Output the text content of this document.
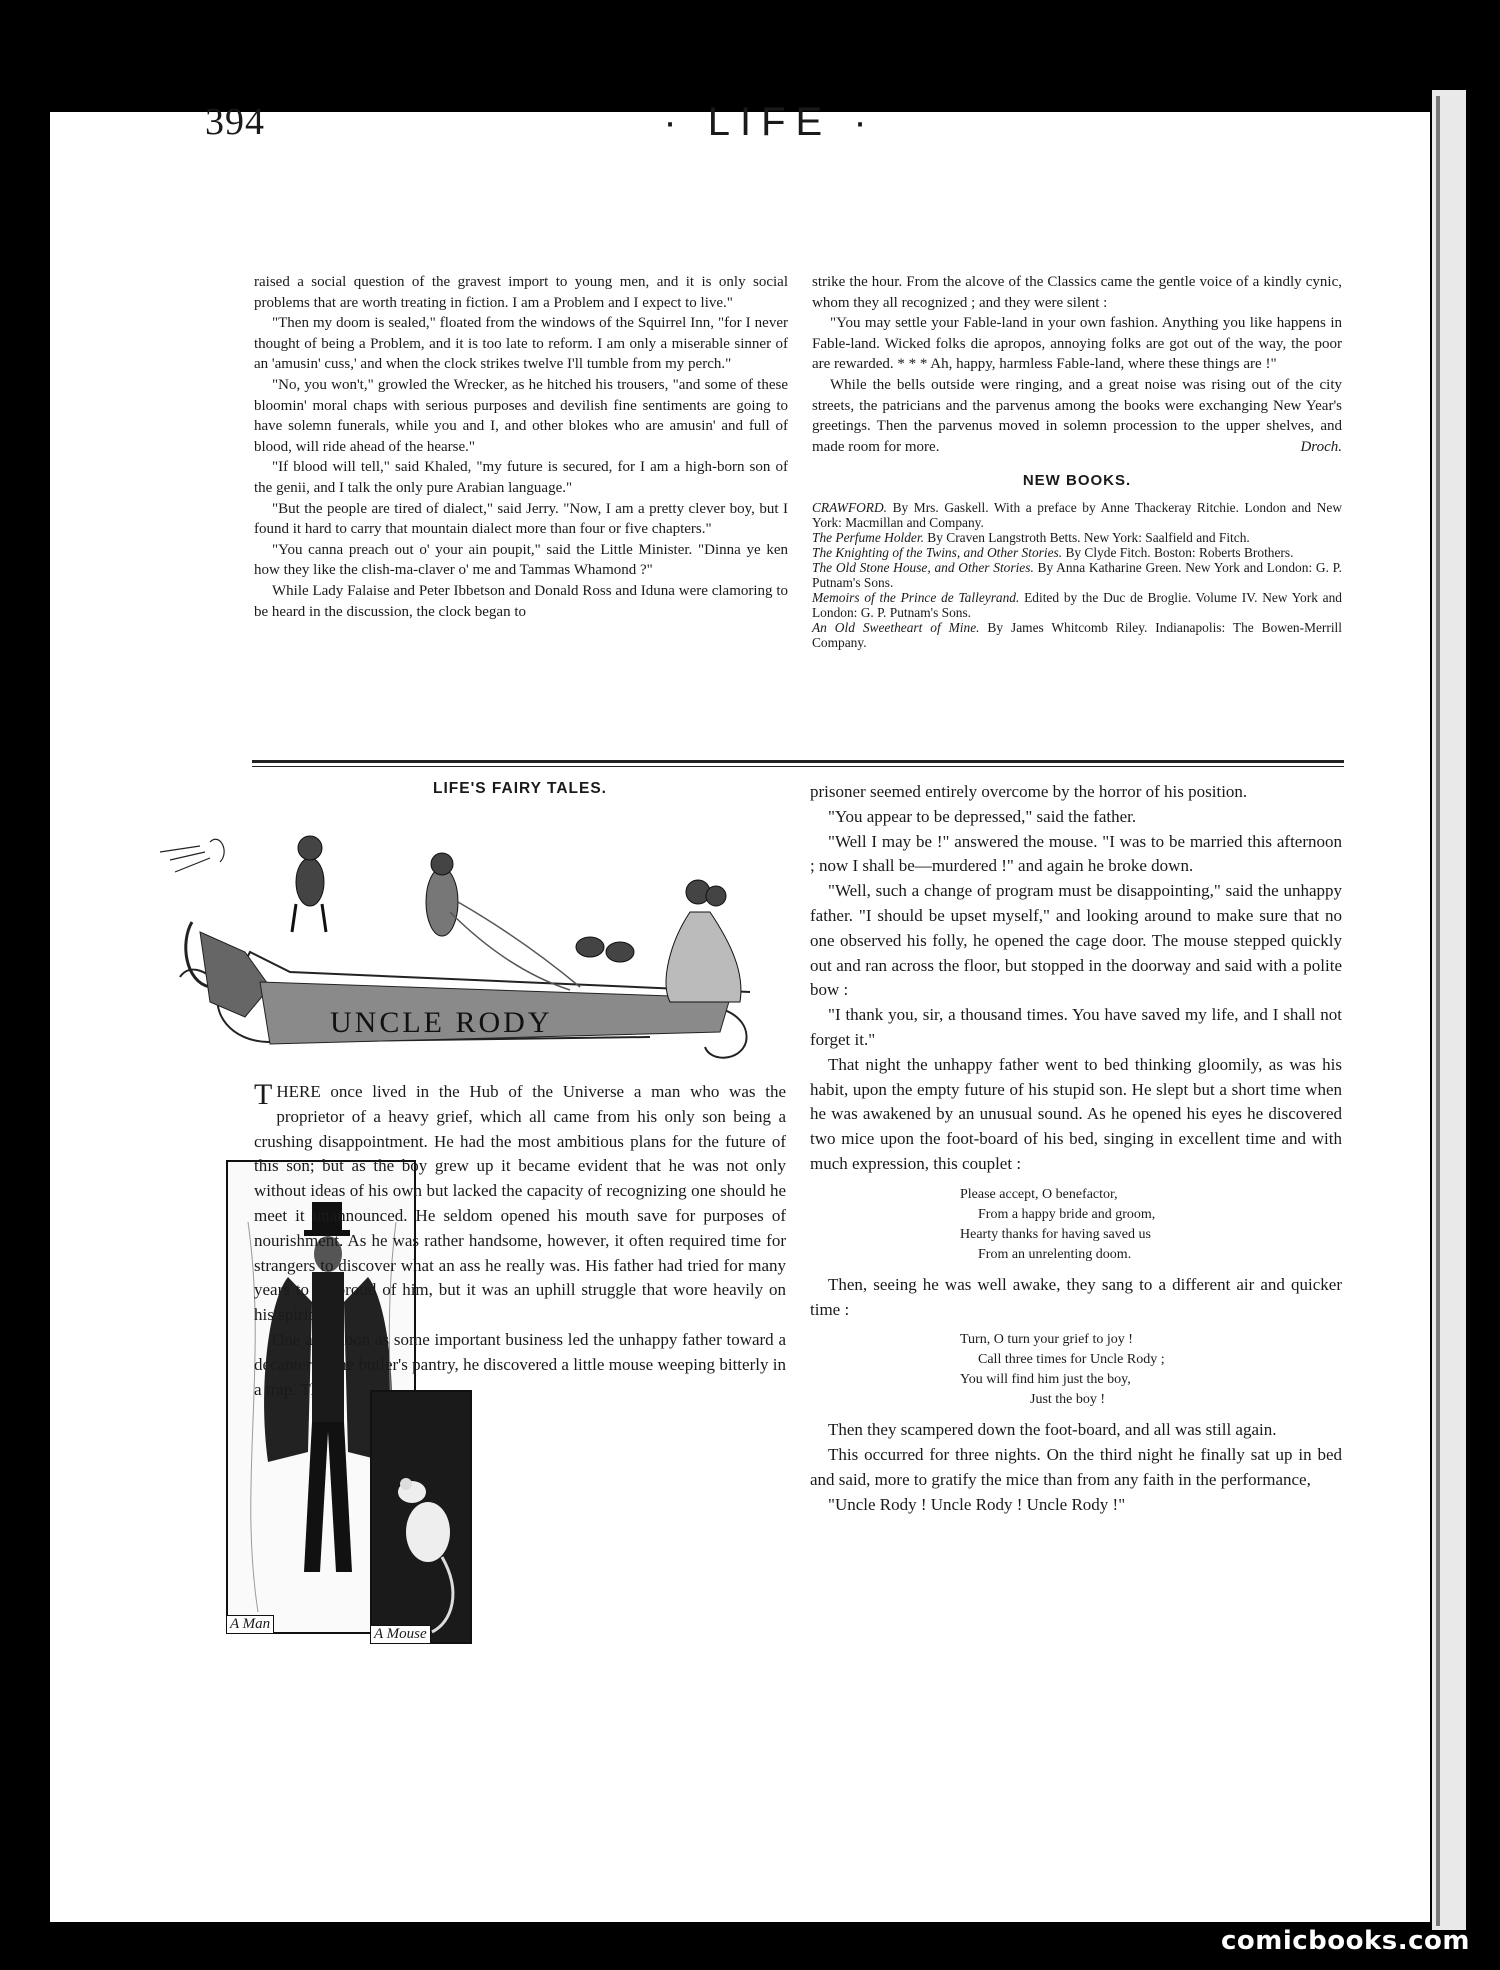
394	· LIFE ·

raised a social question of the gravest import to young men, and it is only social problems that are worth treating in fiction. I am a Problem and I expect to live."

"Then my doom is sealed," floated from the windows of the Squirrel Inn, "for I never thought of being a Problem, and it is too late to reform. I am only a miserable sinner of an 'amusin' cuss,' and when the clock strikes twelve I'll tumble from my perch."

"No, you won't," growled the Wrecker, as he hitched his trousers, "and some of these bloomin' moral chaps with serious purposes and devilish fine sentiments are going to have solemn funerals, while you and I, and other blokes who are amusin' and full of blood, will ride ahead of the hearse."

"If blood will tell," said Khaled, "my future is secured, for I am a high-born son of the genii, and I talk the only pure Arabian language."

"But the people are tired of dialect," said Jerry. "Now, I am a pretty clever boy, but I found it hard to carry that mountain dialect more than four or five chapters."

"You canna preach out o' your ain poupit," said the Little Minister. "Dinna ye ken how they like the clish-ma-claver o' me and Tammas Whamond ?"

While Lady Falaise and Peter Ibbetson and Donald Ross and Iduna were clamoring to be heard in the discussion, the clock began to

strike the hour. From the alcove of the Classics came the gentle voice of a kindly cynic, whom they all recognized ; and they were silent :

"You may settle your Fable-land in your own fashion. Anything you like happens in Fable-land. Wicked folks die apropos, annoying folks are got out of the way, the poor are rewarded. * * * Ah, happy, harmless Fable-land, where these things are !"

While the bells outside were ringing, and a great noise was rising out of the city streets, the patricians and the parvenus among the books were exchanging New Year's greetings. Then the parvenus moved in solemn procession to the upper shelves, and made room for more.	Droch.

NEW BOOKS.

CRAWFORD. By Mrs. Gaskell. With a preface by Anne Thackeray Ritchie. London and New York: Macmillan and Company.

The Perfume Holder. By Craven Langstroth Betts. New York: Saalfield and Fitch.

The Knighting of the Twins, and Other Stories. By Clyde Fitch. Boston: Roberts Brothers.

The Old Stone House, and Other Stories. By Anna Katharine Green. New York and London: G. P. Putnam's Sons.

Memoirs of the Prince de Talleyrand. Edited by the Duc de Broglie. Volume IV. New York and London: G. P. Putnam's Sons.

An Old Sweetheart of Mine. By James Whitcomb Riley. Indianapolis: The Bowen-Merrill Company.

LIFE'S FAIRY TALES.
UNCLE RODY
A Man
A Mouse

THERE once lived in the Hub of the Universe a man who was the proprietor of a heavy grief, which all came from his only son being a crushing disappointment. He had the most ambitious plans for the future of this son; but as the boy grew up it became evident that he was not only without ideas of his own but lacked the capacity of recognizing one should he meet it unannounced. He seldom opened his mouth save for purposes of nourishment. As he was rather handsome, however, it often required time for strangers to discover what an ass he really was. His father had tried for many years to be proud of him, but it was an uphill struggle that wore heavily on his spirit.

One afternoon as some important business led the unhappy father toward a decanter in the butler's pantry, he discovered a little mouse weeping bitterly in a trap. The

prisoner seemed entirely overcome by the horror of his position.

"You appear to be depressed," said the father.

"Well I may be !" answered the mouse. "I was to be married this afternoon ; now I shall be—murdered !" and again he broke down.

"Well, such a change of program must be disappointing," said the unhappy father. "I should be upset myself," and looking around to make sure that no one observed his folly, he opened the cage door. The mouse stepped quickly out and ran across the floor, but stopped in the doorway and said with a polite bow :

"I thank you, sir, a thousand times. You have saved my life, and I shall not forget it."

That night the unhappy father went to bed thinking gloomily, as was his habit, upon the empty future of his stupid son. He slept but a short time when he was awakened by an unusual sound. As he opened his eyes he discovered two mice upon the foot-board of his bed, singing in excellent time and with much expression, this couplet :

Please accept, O benefactor,
From a happy bride and groom,
Hearty thanks for having saved us
From an unrelenting doom.

Then, seeing he was well awake, they sang to a different air and quicker time :

Turn, O turn your grief to joy !
Call three times for Uncle Rody ;
You will find him just the boy,
Just the boy !

Then they scampered down the foot-board, and all was still again.

This occurred for three nights. On the third night he finally sat up in bed and said, more to gratify the mice than from any faith in the performance,

"Uncle Rody ! Uncle Rody ! Uncle Rody !"

comicbooks.com
